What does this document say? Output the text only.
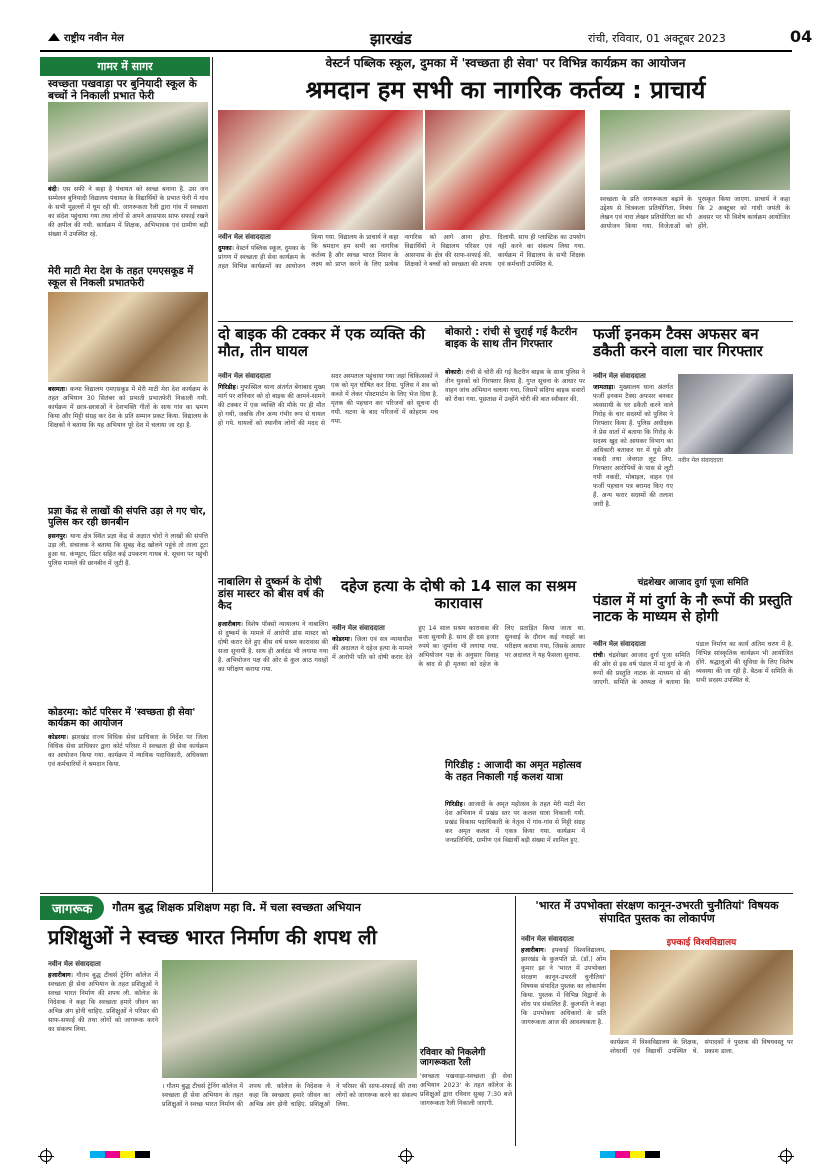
राष्ट्रीय नवीन मेल	झारखंड	रांची, रविवार, 01 अक्टूबर 2023	04
गामर में सागर
स्वच्छता पखवाड़ा पर बुनियादी स्कूल के बच्चों ने निकाली प्रभात फेरी
बंदी। एस सफी ने कहा है पंचायत को स्वच्छ बनाना है. उस जन सम्मेलन बुनियादी विद्यालय पंचायत के विद्यार्थियों के प्रभात फेरी में गांव के सभी मुहल्लों में घूम रही थी. जागरूकता रैली द्वारा गांव में स्वच्छता का संदेश पहुंचाया गया तथा लोगों से अपने आसपास साफ सफाई रखने की अपील की गयी. कार्यक्रम में शिक्षक, अभिभावक एवं ग्रामीण बड़ी संख्या में उपस्थित रहे.
मेरी माटी मेरा देश के तहत एमएसकूड में स्कूल से निकली प्रभातफेरी
बसमता। कन्या विद्यालय एमएसकूड में मेरी माटी मेरा देश कार्यक्रम के तहत अभियान 30 सितंबर को प्रभाती प्रभातफेरी निकाली गयी. कार्यक्रम में छात्र-छात्राओं ने देशभक्ति गीतों के साथ गांव का भ्रमण किया और मिट्टी संग्रह कर देश के प्रति सम्मान प्रकट किया. विद्यालय के शिक्षकों ने बताया कि यह अभियान पूरे देश में चलाया जा रहा है.
प्रज्ञा केंद्र से लाखों की संपत्ति उड़ा ले गए चोर, पुलिस कर रही छानबीन
हसनपुर। थाना क्षेत्र स्थित प्रज्ञा केंद्र से अज्ञात चोरों ने लाखों की संपत्ति उड़ा ली. संचालक ने बताया कि सुबह केंद्र खोलने पहुंचे तो ताला टूटा हुआ था. कंप्यूटर, प्रिंटर सहित कई उपकरण गायब थे. सूचना पर पहुंची पुलिस मामले की छानबीन में जुटी है.
कोडरमा: कोर्ट परिसर में 'स्वच्छता ही सेवा' कार्यक्रम का आयोजन
कोडरमा। झारखंड राज्य विधिक सेवा प्राधिकार के निर्देश पर जिला विधिक सेवा प्राधिकार द्वारा कोर्ट परिसर में स्वच्छता ही सेवा कार्यक्रम का आयोजन किया गया. कार्यक्रम में न्यायिक पदाधिकारी, अधिवक्ता एवं कर्मचारियों ने श्रमदान किया.
वेस्टर्न पब्लिक स्कूल, दुमका में 'स्वच्छता ही सेवा' पर विभिन्न कार्यक्रम का आयोजन
श्रमदान हम सभी का नागरिक कर्तव्य : प्राचार्य
नवीन मेल संवाददाता
दुमका। वेस्टर्न पब्लिक स्कूल, दुमका के प्रांगण में स्वच्छता ही सेवा कार्यक्रम के तहत विभिन्न कार्यक्रमों का आयोजन किया गया. विद्यालय के प्राचार्य ने कहा कि श्रमदान हम सभी का नागरिक कर्तव्य है और स्वच्छ भारत मिशन के लक्ष्य को प्राप्त करने के लिए प्रत्येक नागरिक को आगे आना होगा. विद्यार्थियों ने विद्यालय परिसर एवं आसपास के क्षेत्र की साफ-सफाई की. शिक्षकों ने बच्चों को स्वच्छता की शपथ दिलायी. साथ ही प्लास्टिक का उपयोग नहीं करने का संकल्प लिया गया. कार्यक्रम में विद्यालय के सभी शिक्षक एवं कर्मचारी उपस्थित थे.
स्वच्छता के प्रति जागरूकता बढ़ाने के उद्देश्य से चित्रकला प्रतियोगिता, निबंध लेखन एवं नारा लेखन प्रतियोगिता का भी आयोजन किया गया. विजेताओं को पुरस्कृत किया जाएगा. प्राचार्य ने कहा कि 2 अक्टूबर को गांधी जयंती के अवसर पर भी विशेष कार्यक्रम आयोजित होंगे.
दो बाइक की टक्कर में एक व्यक्ति की मौत, तीन घायल
नवीन मेल संवाददाता
गिरिडीह। मुफस्सिल थाना अंतर्गत बेंगाबाद मुख्य मार्ग पर शनिवार को दो बाइक की आमने-सामने की टक्कर में एक व्यक्ति की मौके पर ही मौत हो गयी, जबकि तीन अन्य गंभीर रूप से घायल हो गये. घायलों को स्थानीय लोगों की मदद से सदर अस्पताल पहुंचाया गया जहां चिकित्सकों ने एक को मृत घोषित कर दिया. पुलिस ने शव को कब्जे में लेकर पोस्टमार्टम के लिए भेज दिया है. मृतक की पहचान कर परिजनों को सूचना दी गयी. घटना के बाद परिजनों में कोहराम मच गया.
नाबालिग से दुष्कर्म के दोषी डांस मास्टर को बीस वर्ष की कैद
हजारीबाग। विशेष पॉक्सो न्यायालय ने नाबालिग से दुष्कर्म के मामले में आरोपी डांस मास्टर को दोषी करार देते हुए बीस वर्ष सश्रम कारावास की सजा सुनायी है. साथ ही अर्थदंड भी लगाया गया है. अभियोजन पक्ष की ओर से कुल आठ गवाहों का परीक्षण कराया गया.
बोकारो : रांची से चुराई गई कैटरीन बाइक के साथ तीन गिरफ्तार
बोकारो। रांची से चोरी की गई कैटरीन बाइक के साथ पुलिस ने तीन युवकों को गिरफ्तार किया है. गुप्त सूचना के आधार पर वाहन जांच अभियान चलाया गया, जिसमें संदिग्ध बाइक सवारों को रोका गया. पूछताछ में उन्होंने चोरी की बात स्वीकार की.
फर्जी इनकम टैक्स अफसर बन डकैती करने वाला चार गिरफ्तार
नवीन मेल संवाददाता
जामताड़ा। मुख्यालय थाना अंतर्गत फर्जी इनकम टैक्स अफसर बनकर व्यवसायी के घर डकैती करने वाले गिरोह के चार सदस्यों को पुलिस ने गिरफ्तार किया है. पुलिस अधीक्षक ने प्रेस वार्ता में बताया कि गिरोह के सदस्य खुद को आयकर विभाग का अधिकारी बताकर घर में घुसे और नकदी तथा जेवरात लूट लिए. गिरफ्तार आरोपियों के पास से लूटी गयी नकदी, मोबाइल, वाहन एवं फर्जी पहचान पत्र बरामद किए गए हैं. अन्य फरार सदस्यों की तलाश जारी है.
नवीन मेल संवाददाता
दहेज हत्या के दोषी को 14 साल का सश्रम कारावास
नवीन मेल संवाददाता
कोडरमा। जिला एवं सत्र न्यायाधीश की अदालत ने दहेज हत्या के मामले में आरोपी पति को दोषी करार देते हुए 14 साल सश्रम कारावास की सजा सुनायी है. साथ ही दस हजार रुपये का जुर्माना भी लगाया गया. अभियोजन पक्ष के अनुसार विवाह के बाद से ही मृतका को दहेज के लिए प्रताड़ित किया जाता था. सुनवाई के दौरान कई गवाहों का परीक्षण कराया गया, जिसके आधार पर अदालत ने यह फैसला सुनाया.
गिरिडीह : आजादी का अमृत महोत्सव के तहत निकाली गई कलश यात्रा
गिरिडीह। आजादी के अमृत महोत्सव के तहत मेरी माटी मेरा देश अभियान में प्रखंड स्तर पर कलश यात्रा निकाली गयी. प्रखंड विकास पदाधिकारी के नेतृत्व में गांव-गांव से मिट्टी संग्रह कर अमृत कलश में एकत्र किया गया. कार्यक्रम में जनप्रतिनिधि, ग्रामीण एवं विद्यार्थी बड़ी संख्या में शामिल हुए.
चंद्रशेखर आजाद दुर्गा पूजा समिति
पंडाल में मां दुर्गा के नौ रूपों की प्रस्तुति नाटक के माध्यम से होगी
नवीन मेल संवाददाता
रांची। चंद्रशेखर आजाद दुर्गा पूजा समिति की ओर से इस वर्ष पंडाल में मां दुर्गा के नौ रूपों की प्रस्तुति नाटक के माध्यम से की जाएगी. समिति के अध्यक्ष ने बताया कि पंडाल निर्माण का कार्य अंतिम चरण में है. विभिन्न सांस्कृतिक कार्यक्रम भी आयोजित होंगे. श्रद्धालुओं की सुविधा के लिए विशेष व्यवस्था की जा रही है. बैठक में समिति के सभी सदस्य उपस्थित थे.
जागरूक	गौतम बुद्ध शिक्षक प्रशिक्षण महा वि. में चला स्वच्छता अभियान
प्रशिक्षुओं ने स्वच्छ भारत निर्माण की शपथ ली
नवीन मेल संवाददाता
हजारीबाग। गौतम बुद्ध टीचर्स ट्रेनिंग कॉलेज में स्वच्छता ही सेवा अभियान के तहत प्रशिक्षुओं ने स्वच्छ भारत निर्माण की शपथ ली. कॉलेज के निदेशक ने कहा कि स्वच्छता हमारे जीवन का अभिन्न अंग होनी चाहिए. प्रशिक्षुओं ने परिसर की साफ-सफाई की तथा लोगों को जागरूक करने का संकल्प लिया.
। गौतम बुद्ध टीचर्स ट्रेनिंग कॉलेज में स्वच्छता ही सेवा अभियान के तहत प्रशिक्षुओं ने स्वच्छ भारत निर्माण की शपथ ली. कॉलेज के निदेशक ने कहा कि स्वच्छता हमारे जीवन का अभिन्न अंग होनी चाहिए. प्रशिक्षुओं ने परिसर की साफ-सफाई की तथा लोगों को जागरूक करने का संकल्प लिया.
रविवार को निकलेगी जागरूकता रैली
'स्वच्छता पखवाड़ा-स्वच्छता ही सेवा अभियान 2023' के तहत कॉलेज के प्रशिक्षुओं द्वारा रविवार सुबह 7:30 बजे जागरूकता रैली निकाली जाएगी.
'भारत में उपभोक्ता संरक्षण कानून-उभरती चुनौतियां' विषयक संपादित पुस्तक का लोकार्पण
नवीन मेल संवाददाता
हजारीबाग। इफ्काई विश्वविद्यालय, झारखंड के कुलपति प्रो. (डॉ.) ओम कुमार झा ने 'भारत में उपभोक्ता संरक्षण कानून-उभरती चुनौतियां' विषयक संपादित पुस्तक का लोकार्पण किया. पुस्तक में विभिन्न विद्वानों के शोध पत्र संकलित हैं. कुलपति ने कहा कि उपभोक्ता अधिकारों के प्रति जागरूकता आज की आवश्यकता है.
इफ्काई विश्वविद्यालय
कार्यक्रम में विश्वविद्यालय के शिक्षक, शोधार्थी एवं विद्यार्थी उपस्थित थे. संपादकों ने पुस्तक की विषयवस्तु पर प्रकाश डाला.
